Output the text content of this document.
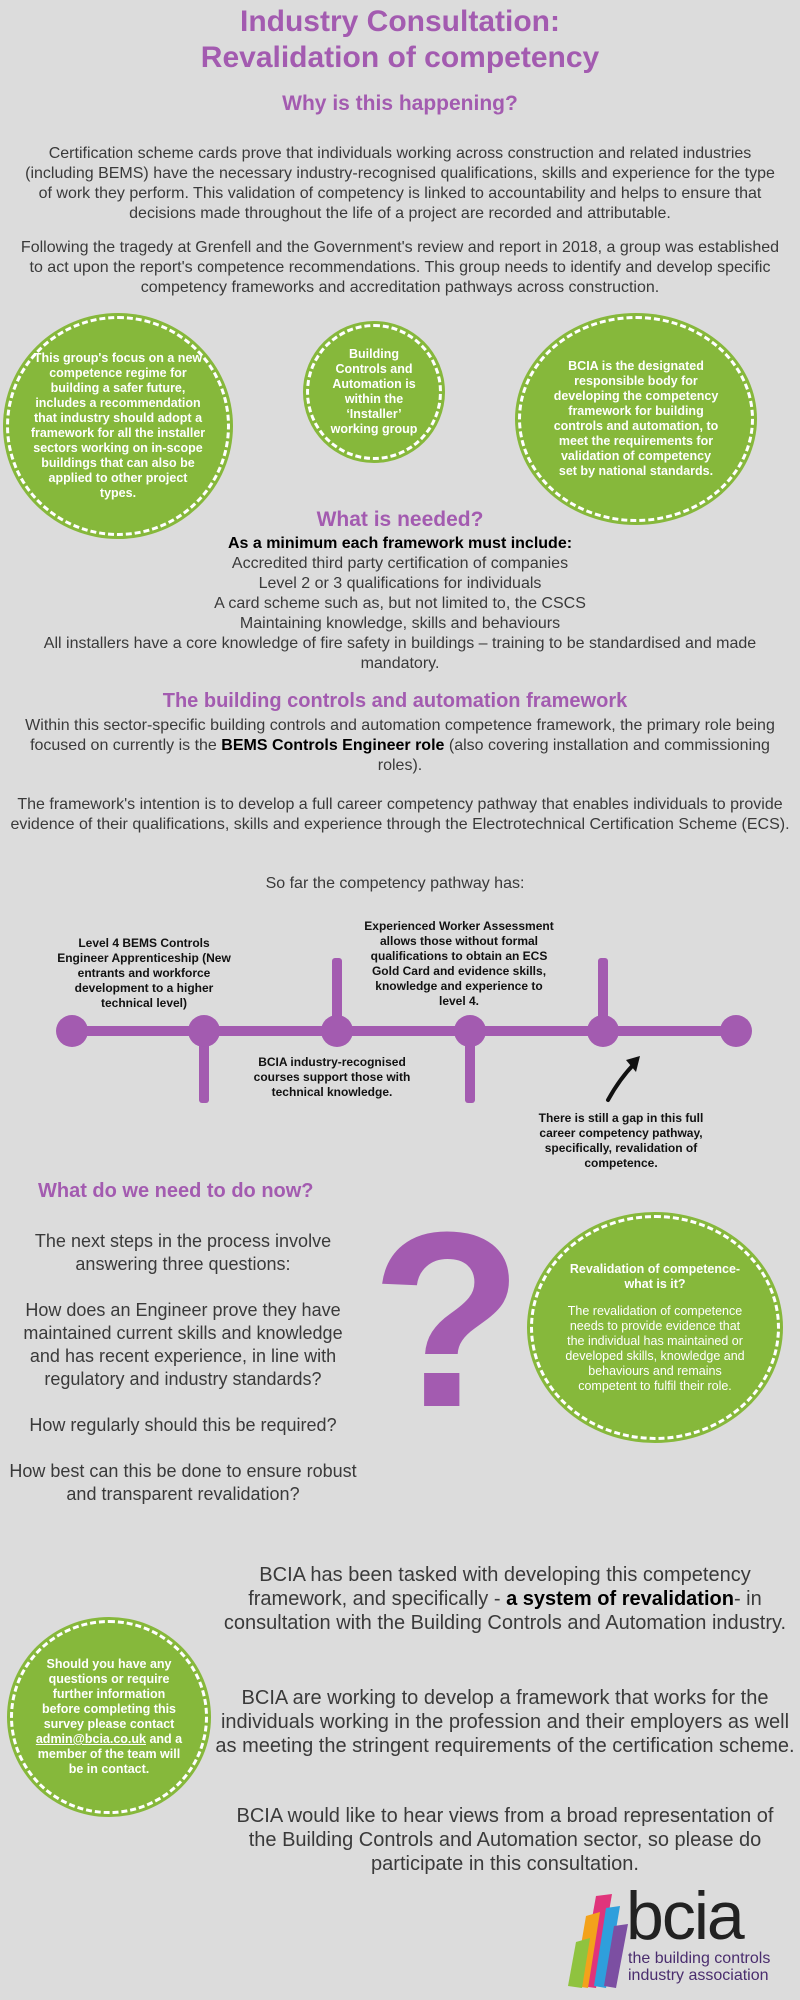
Industry Consultation:
Revalidation of competency
Why is this happening?
Certification scheme cards prove that individuals working across construction and related industries (including BEMS) have the necessary industry-recognised qualifications, skills and experience for the type of work they perform. This validation of competency is linked to accountability and helps to ensure that decisions made throughout the life of a project are recorded and attributable.
Following the tragedy at Grenfell and the Government's review and report in 2018, a group was established to act upon the report's competence recommendations. This group needs to identify and develop specific competency frameworks and accreditation pathways across construction.
This group's focus on a new competence regime for building a safer future, includes a recommendation that industry should adopt a framework for all the installer sectors working on in-scope buildings that can also be applied to other project types.
Building Controls and Automation is within the ‘Installer’ working group
BCIA is the designated responsible body for developing the competency framework for building controls and automation, to meet the requirements for validation of competency set by national standards.
What is needed?
As a minimum each framework must include:
Accredited third party certification of companies
Level 2 or 3 qualifications for individuals
A card scheme such as, but not limited to, the CSCS
Maintaining knowledge, skills and behaviours
All installers have a core knowledge of fire safety in buildings – training to be standardised and made mandatory.
The building controls and automation framework
Within this sector-specific building controls and automation competence framework, the primary role being focused on currently is the BEMS Controls Engineer role (also covering installation and commissioning roles).
The framework's intention is to develop a full career competency pathway that enables individuals to provide evidence of their qualifications, skills and experience through the Electrotechnical Certification Scheme (ECS).
So far the competency pathway has:
Level 4 BEMS Controls Engineer Apprenticeship (New entrants and workforce development to a higher technical level)
Experienced Worker Assessment allows those without formal qualifications to obtain an ECS Gold Card and evidence skills, knowledge and experience to level 4.
BCIA industry-recognised courses support those with technical knowledge.
There is still a gap in this full career competency pathway, specifically, revalidation of competence.
What do we need to do now?
The next steps in the process involve answering three questions:
How does an Engineer prove they have maintained current skills and knowledge and has recent experience, in line with regulatory and industry standards?
How regularly should this be required?
How best can this be done to ensure robust and transparent revalidation?
?	Revalidation of competence- what is it?
The revalidation of competence needs to provide evidence that the individual has maintained or developed skills, knowledge and behaviours and remains competent to fulfil their role.
BCIA has been tasked with developing this competency framework, and specifically - a system of revalidation- in consultation with the Building Controls and Automation industry.
BCIA are working to develop a framework that works for the individuals working in the profession and their employers as well as meeting the stringent requirements of the certification scheme.
BCIA would like to hear views from a broad representation of the Building Controls and Automation sector, so please do participate in this consultation.
Should you have any questions or require further information before completing this survey please contact admin@bcia.co.uk and a member of the team will be in contact.
bcia
the building controls
industry association
